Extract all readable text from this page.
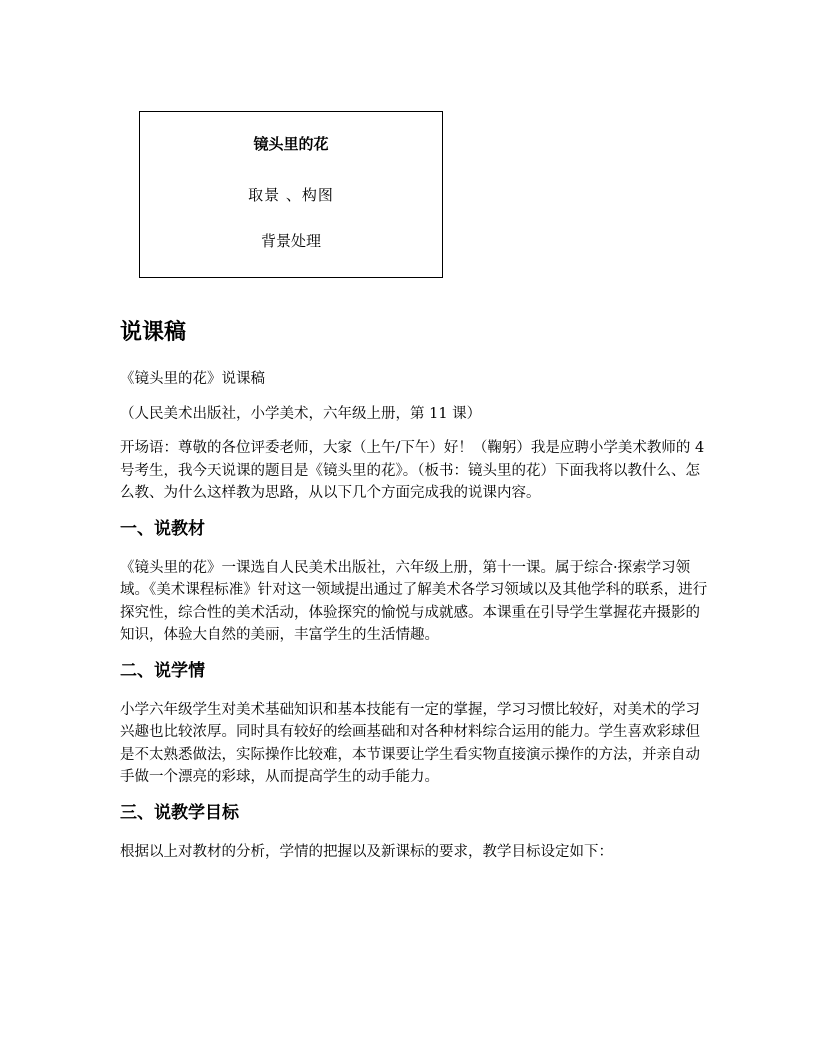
镜头里的花
取景 、构图
背景处理
说课稿

《镜头里的花》说课稿

（人民美术出版社，小学美术，六年级上册，第 11 课）

开场语：尊敬的各位评委老师，大家（上午/下午）好！（鞠躬）我是应聘小学美术教师的 4 号考生，我今天说课的题目是《镜头里的花》。（板书：镜头里的花）下面我将以教什么、怎么教、为什么这样教为思路，从以下几个方面完成我的说课内容。

一、说教材

《镜头里的花》一课选自人民美术出版社，六年级上册，第十一课。属于综合·探索学习领域。《美术课程标准》针对这一领域提出通过了解美术各学习领域以及其他学科的联系，进行探究性，综合性的美术活动，体验探究的愉悦与成就感。本课重在引导学生掌握花卉摄影的知识，体验大自然的美丽，丰富学生的生活情趣。

二、说学情

小学六年级学生对美术基础知识和基本技能有一定的掌握，学习习惯比较好，对美术的学习兴趣也比较浓厚。同时具有较好的绘画基础和对各种材料综合运用的能力。学生喜欢彩球但是不太熟悉做法，实际操作比较难，本节课要让学生看实物直接演示操作的方法，并亲自动手做一个漂亮的彩球，从而提高学生的动手能力。

三、说教学目标

根据以上对教材的分析，学情的把握以及新课标的要求，教学目标设定如下：
